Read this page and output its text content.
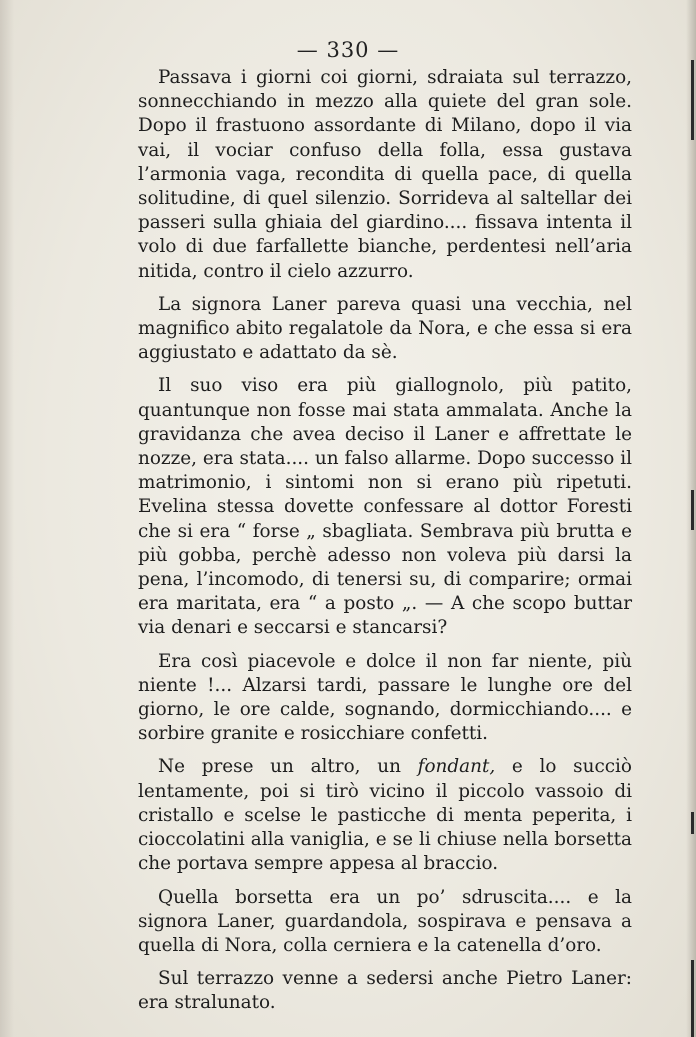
— 330 —

Passava i giorni coi giorni, sdraiata sul terrazzo, sonnecchiando in mezzo alla quiete del gran sole. Dopo il frastuono assordante di Milano, dopo il via vai, il vociar confuso della folla, essa gustava l’armonia vaga, recondita di quella pace, di quella solitudine, di quel silenzio. Sorrideva al saltellar dei passeri sulla ghiaia del giardino.... fissava intenta il volo di due farfallette bianche, perdentesi nell’aria nitida, contro il cielo azzurro.

La signora Laner pareva quasi una vecchia, nel magnifico abito regalatole da Nora, e che essa si era aggiustato e adattato da sè.

Il suo viso era più giallognolo, più patito, quantunque non fosse mai stata ammalata. Anche la gravidanza che avea deciso il Laner e affrettate le nozze, era stata.... un falso allarme. Dopo successo il matrimonio, i sintomi non si erano più ripetuti. Evelina stessa dovette confessare al dottor Foresti che si era “ forse „ sbagliata. Sembrava più brutta e più gobba, perchè adesso non voleva più darsi la pena, l’incomodo, di tenersi su, di comparire; ormai era maritata, era “ a posto „. — A che scopo buttar via denari e seccarsi e stancarsi?

Era così piacevole e dolce il non far niente, più niente !... Alzarsi tardi, passare le lunghe ore del giorno, le ore calde, sognando, dormicchiando.... e sorbire granite e rosicchiare confetti.

Ne prese un altro, un fondant, e lo succiò lentamente, poi si tirò vicino il piccolo vassoio di cristallo e scelse le pasticche di menta peperita, i cioccolatini alla vaniglia, e se li chiuse nella borsetta che portava sempre appesa al braccio.

Quella borsetta era un po’ sdruscita.... e la signora Laner, guardandola, sospirava e pensava a quella di Nora, colla cerniera e la catenella d’oro.

Sul terrazzo venne a sedersi anche Pietro Laner: era stralunato.
